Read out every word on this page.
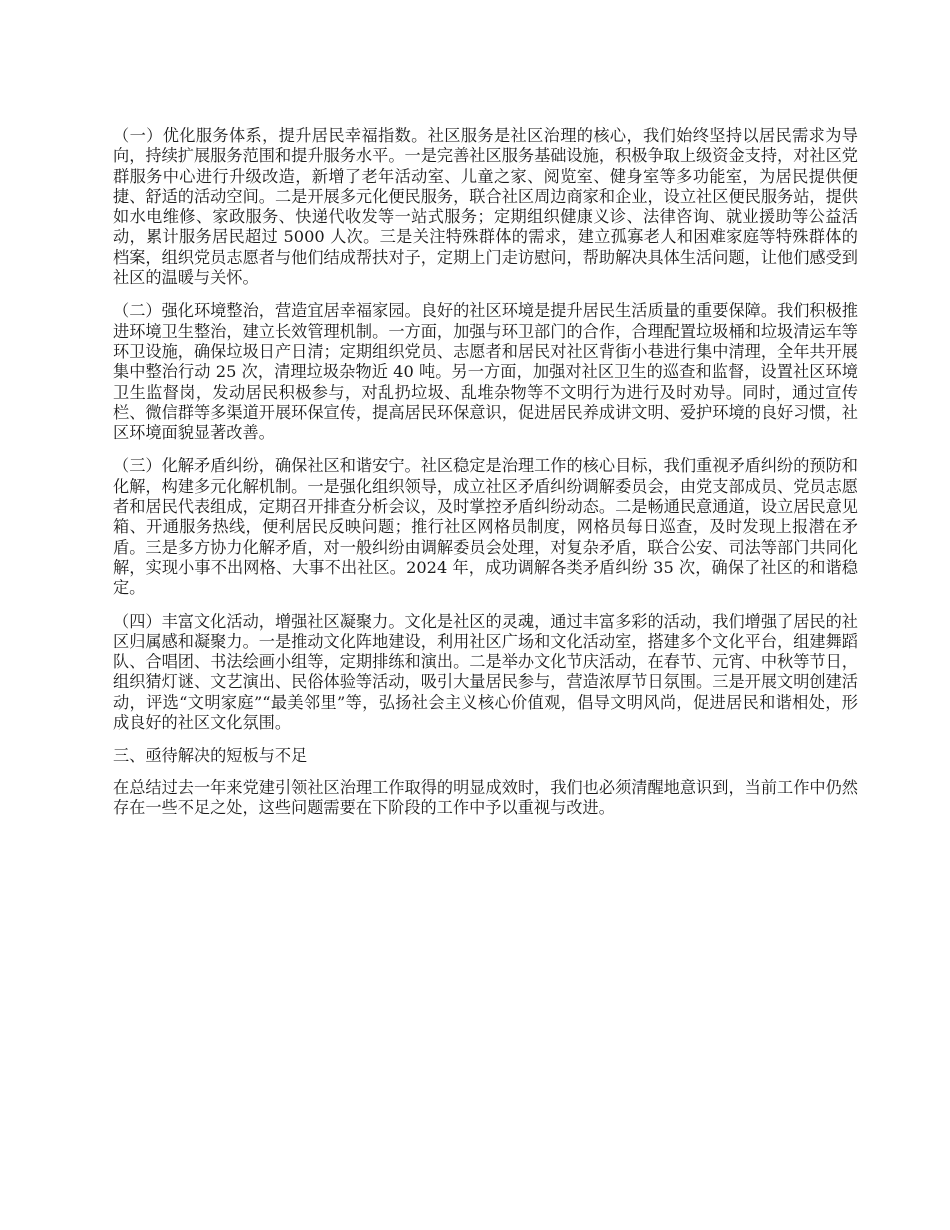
（一）优化服务体系，提升居民幸福指数。社区服务是社区治理的核心，我们始终坚持以居民需求为导向，持续扩展服务范围和提升服务水平。一是完善社区服务基础设施，积极争取上级资金支持，对社区党群服务中心进行升级改造，新增了老年活动室、儿童之家、阅览室、健身室等多功能室，为居民提供便捷、舒适的活动空间。二是开展多元化便民服务，联合社区周边商家和企业，设立社区便民服务站，提供如水电维修、家政服务、快递代收发等一站式服务；定期组织健康义诊、法律咨询、就业援助等公益活动，累计服务居民超过 5000 人次。三是关注特殊群体的需求，建立孤寡老人和困难家庭等特殊群体的档案，组织党员志愿者与他们结成帮扶对子，定期上门走访慰问，帮助解决具体生活问题，让他们感受到社区的温暖与关怀。

（二）强化环境整治，营造宜居幸福家园。良好的社区环境是提升居民生活质量的重要保障。我们积极推进环境卫生整治，建立长效管理机制。一方面，加强与环卫部门的合作，合理配置垃圾桶和垃圾清运车等环卫设施，确保垃圾日产日清；定期组织党员、志愿者和居民对社区背街小巷进行集中清理，全年共开展集中整治行动 25 次，清理垃圾杂物近 40 吨。另一方面，加强对社区卫生的巡查和监督，设置社区环境卫生监督岗，发动居民积极参与，对乱扔垃圾、乱堆杂物等不文明行为进行及时劝导。同时，通过宣传栏、微信群等多渠道开展环保宣传，提高居民环保意识，促进居民养成讲文明、爱护环境的良好习惯，社区环境面貌显著改善。

（三）化解矛盾纠纷，确保社区和谐安宁。社区稳定是治理工作的核心目标，我们重视矛盾纠纷的预防和化解，构建多元化解机制。一是强化组织领导，成立社区矛盾纠纷调解委员会，由党支部成员、党员志愿者和居民代表组成，定期召开排查分析会议，及时掌控矛盾纠纷动态。二是畅通民意通道，设立居民意见箱、开通服务热线，便利居民反映问题；推行社区网格员制度，网格员每日巡查，及时发现上报潜在矛盾。三是多方协力化解矛盾，对一般纠纷由调解委员会处理，对复杂矛盾，联合公安、司法等部门共同化解，实现小事不出网格、大事不出社区。2024 年，成功调解各类矛盾纠纷 35 次，确保了社区的和谐稳定。

（四）丰富文化活动，增强社区凝聚力。文化是社区的灵魂，通过丰富多彩的活动，我们增强了居民的社区归属感和凝聚力。一是推动文化阵地建设，利用社区广场和文化活动室，搭建多个文化平台，组建舞蹈队、合唱团、书法绘画小组等，定期排练和演出。二是举办文化节庆活动，在春节、元宵、中秋等节日，组织猜灯谜、文艺演出、民俗体验等活动，吸引大量居民参与，营造浓厚节日氛围。三是开展文明创建活动，评选“文明家庭”“最美邻里”等，弘扬社会主义核心价值观，倡导文明风尚，促进居民和谐相处，形成良好的社区文化氛围。

三、亟待解决的短板与不足

在总结过去一年来党建引领社区治理工作取得的明显成效时，我们也必须清醒地意识到，当前工作中仍然存在一些不足之处，这些问题需要在下阶段的工作中予以重视与改进。
